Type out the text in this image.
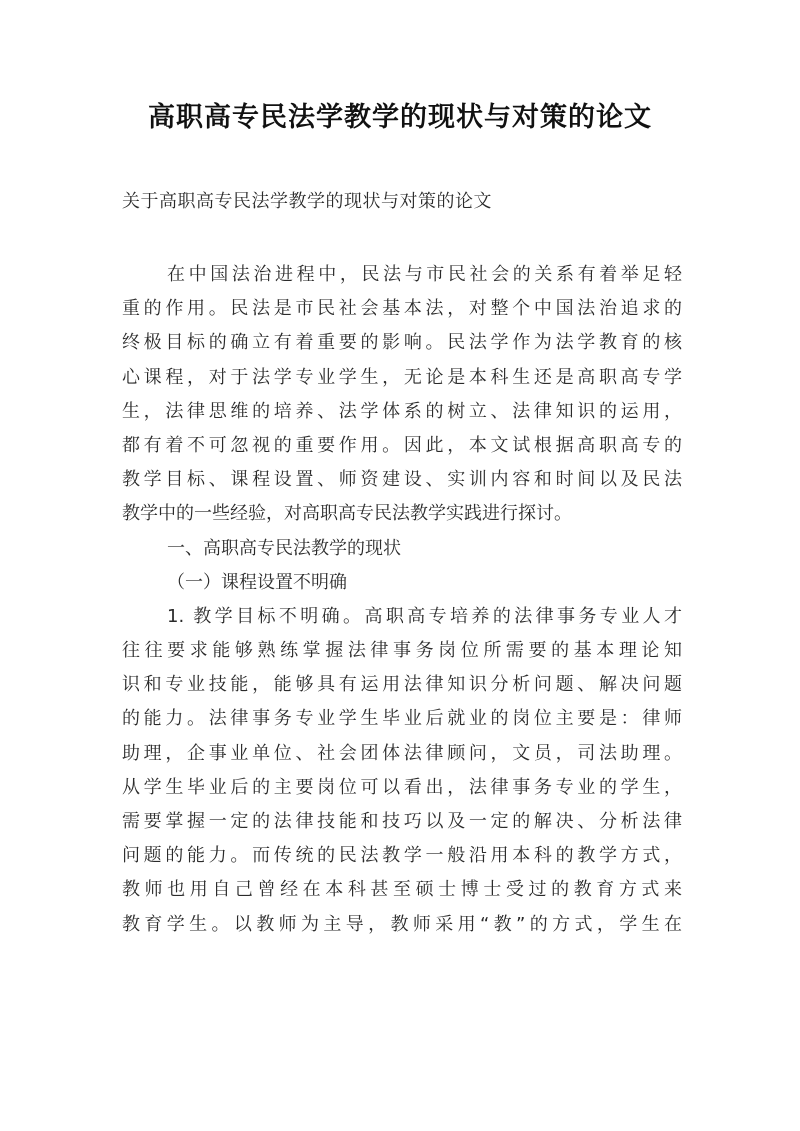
高职高专民法学教学的现状与对策的论文

关于高职高专民法学教学的现状与对策的论文

在中国法治进程中，民法与市民社会的关系有着举足轻

重的作用。民法是市民社会基本法，对整个中国法治追求的

终极目标的确立有着重要的影响。民法学作为法学教育的核

心课程，对于法学专业学生，无论是本科生还是高职高专学

生，法律思维的培养、法学体系的树立、法律知识的运用，

都有着不可忽视的重要作用。因此，本文试根据高职高专的

教学目标、课程设置、师资建设、实训内容和时间以及民法

教学中的一些经验，对高职高专民法教学实践进行探讨。

一、高职高专民法教学的现状

（一）课程设置不明确

1. 教学目标不明确。高职高专培养的法律事务专业人才

往往要求能够熟练掌握法律事务岗位所需要的基本理论知

识和专业技能，能够具有运用法律知识分析问题、解决问题

的能力。法律事务专业学生毕业后就业的岗位主要是：律师

助理，企事业单位、社会团体法律顾问，文员，司法助理。

从学生毕业后的主要岗位可以看出，法律事务专业的学生，

需要掌握一定的法律技能和技巧以及一定的解决、分析法律

问题的能力。而传统的民法教学一般沿用本科的教学方式，

教师也用自己曾经在本科甚至硕士博士受过的教育方式来

教育学生。以教师为主导，教师采用“教”的方式，学生在
